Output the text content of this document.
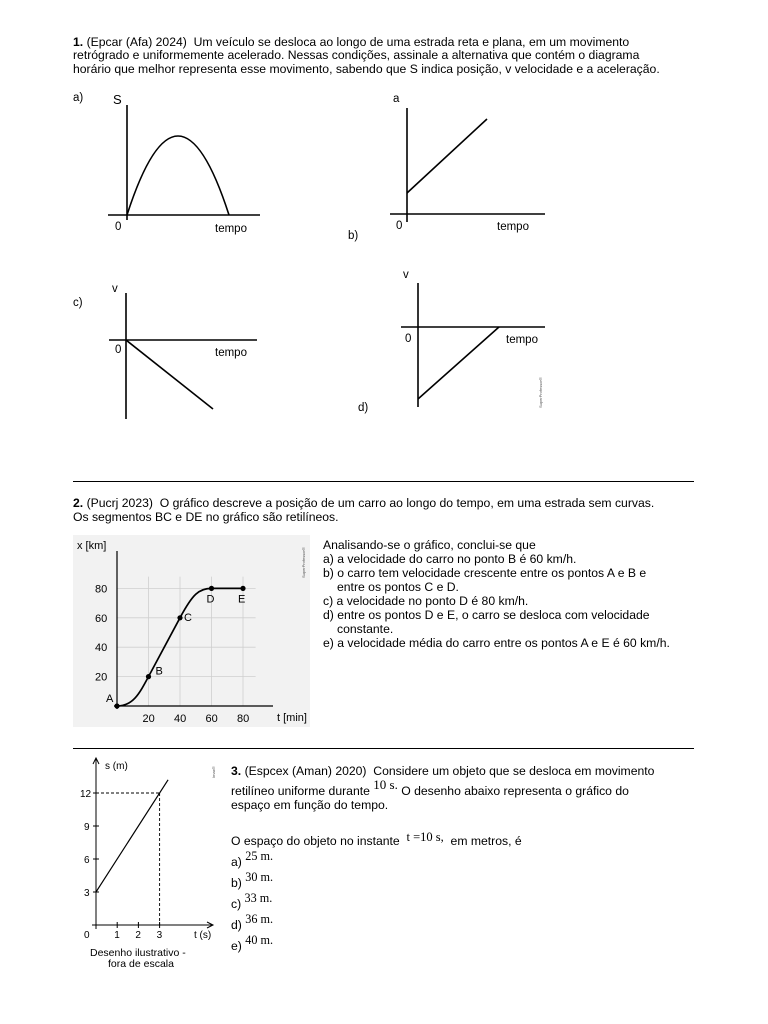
1. (Epcar (Afa) 2024) Um veículo se desloca ao longo de uma estrada reta e plana, em um movimento
retrógrado e uniformemente acelerado. Nessas condições, assinale a alternativa que contém o diagrama
horário que melhor representa esse movimento, sabendo que S indica posição, v velocidade e a aceleração.
a) S
0	tempo
b)
a
0	tempo
c)
v
0	tempo
d)
v
0	tempo
SuperProfessor®
2. (Pucrj 2023) O gráfico descreve a posição de um carro ao longo do tempo, em uma estrada sem curvas.
Os segmentos BC e DE no gráfico são retilíneos.
x [km]
t [min]
20
40
60
80
20 40 60 80
A
B
C
D E
SuperProfessor®
Analisando-se o gráfico, conclui-se que
a) a velocidade do carro no ponto B é 60 km/h.
b) o carro tem velocidade crescente entre os pontos A e B e
entre os pontos C e D.
c) a velocidade no ponto D é 80 km/h.
d) entre os pontos D e E, o carro se desloca com velocidade
constante.
e) a velocidade média do carro entre os pontos A e E é 60 km/h.
s (m)
t (s)
3
6
9
12
0 1 2 3
Desenho ilustrativo -
fora de escala
Imax® 3. (Espcex (Aman) 2020) Considere um objeto que se desloca em movimento
retilíneo uniforme durante 10 s. O desenho abaixo representa o gráfico do
espaço em função do tempo.
O espaço do objeto no instante t =10 s, em metros, é
a) 25 m.
b) 30 m.
c) 33 m.
d) 36 m.
e) 40 m.
